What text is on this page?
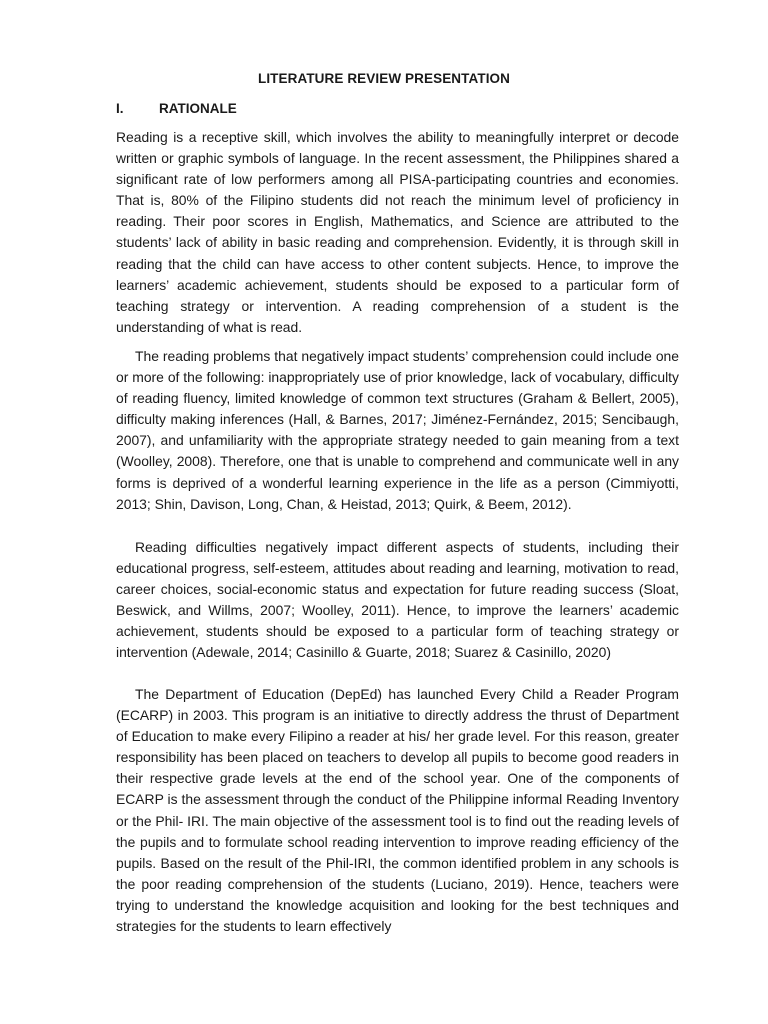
LITERATURE REVIEW PRESENTATION
I.	RATIONALE

Reading is a receptive skill, which involves the ability to meaningfully interpret or decode written or graphic symbols of language. In the recent assessment, the Philippines shared a significant rate of low performers among all PISA-participating countries and economies. That is, 80% of the Filipino students did not reach the minimum level of proficiency in reading. Their poor scores in English, Mathematics, and Science are attributed to the students’ lack of ability in basic reading and comprehension. Evidently, it is through skill in reading that the child can have access to other content subjects. Hence, to improve the learners’ academic achievement, students should be exposed to a particular form of teaching strategy or intervention. A reading comprehension of a student is the understanding of what is read.

The reading problems that negatively impact students’ comprehension could include one or more of the following: inappropriately use of prior knowledge, lack of vocabulary, difficulty of reading fluency, limited knowledge of common text structures (Graham & Bellert, 2005), difficulty making inferences (Hall, & Barnes, 2017; Jiménez-Fernández, 2015; Sencibaugh, 2007), and unfamiliarity with the appropriate strategy needed to gain meaning from a text (Woolley, 2008). Therefore, one that is unable to comprehend and communicate well in any forms is deprived of a wonderful learning experience in the life as a person (Cimmiyotti, 2013; Shin, Davison, Long, Chan, & Heistad, 2013; Quirk, & Beem, 2012).

Reading difficulties negatively impact different aspects of students, including their educational progress, self-esteem, attitudes about reading and learning, motivation to read, career choices, social-economic status and expectation for future reading success (Sloat, Beswick, and Willms, 2007; Woolley, 2011). Hence, to improve the learners’ academic achievement, students should be exposed to a particular form of teaching strategy or intervention (Adewale, 2014; Casinillo & Guarte, 2018; Suarez & Casinillo, 2020)

The Department of Education (DepEd) has launched Every Child a Reader Program (ECARP) in 2003. This program is an initiative to directly address the thrust of Department of Education to make every Filipino a reader at his/ her grade level. For this reason, greater responsibility has been placed on teachers to develop all pupils to become good readers in their respective grade levels at the end of the school year. One of the components of ECARP is the assessment through the conduct of the Philippine informal Reading Inventory or the Phil- IRI. The main objective of the assessment tool is to find out the reading levels of the pupils and to formulate school reading intervention to improve reading efficiency of the pupils. Based on the result of the Phil-IRI, the common identified problem in any schools is the poor reading comprehension of the students (Luciano, 2019). Hence, teachers were trying to understand the knowledge acquisition and looking for the best techniques and strategies for the students to learn effectively
